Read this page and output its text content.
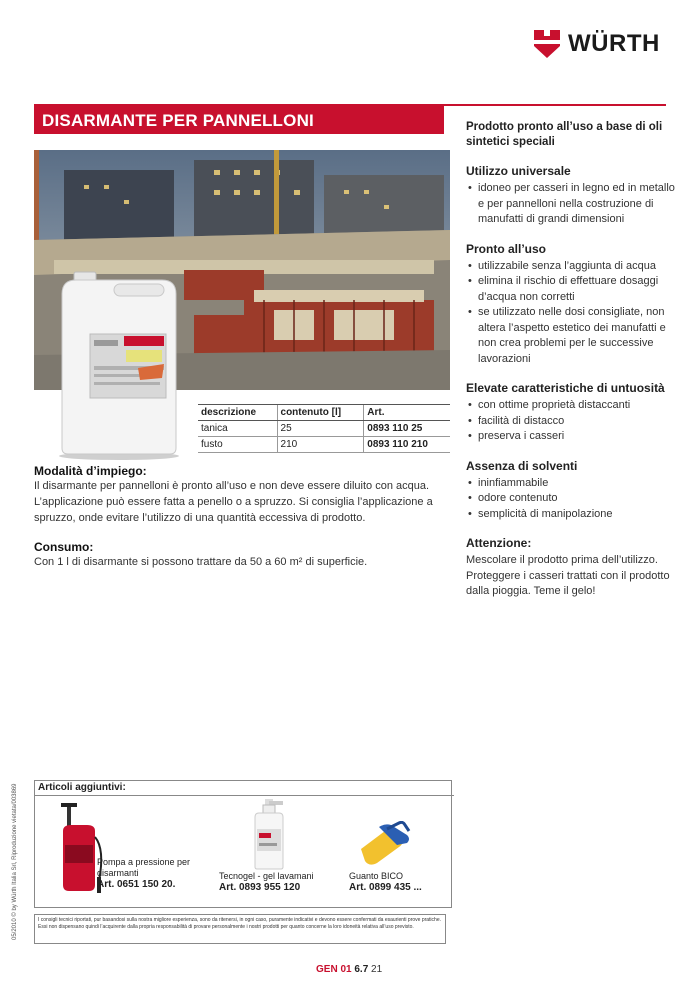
WÜRTH
DISARMANTE PER PANNELLONI
descrizione	contenuto [l]	Art.
tanica	25	0893 110 25
fusto	210	0893 110 210
Modalità d’impiego:
Il disarmante per pannelloni è pronto all’uso e non deve essere diluito con acqua. L’applicazione può essere fatta a penello o a spruzzo. Si consiglia l’applicazione a spruzzo, onde evitare l’utilizzo di una quantità eccessiva di prodotto.
Consumo:
Con 1 l di disarmante si possono trattare da 50 a 60 m² di superficie.

Prodotto pronto all’uso a base di oli sintetici speciali

Utilizzo universale
• idoneo per casseri in legno ed in metallo e per pannelloni nella costruzione di manufatti di grandi dimensioni
Pronto all’uso
• utilizzabile senza l’aggiunta di acqua
• elimina il rischio di effettuare dosaggi d’acqua non corretti
• se utilizzato nelle dosi consigliate, non altera l’aspetto estetico dei manufatti e non crea problemi per le successive lavorazioni
Elevate caratteristiche di untuosità
• con ottime proprietà distaccanti
• facilità di distacco
• preserva i casseri
Assenza di solventi
• ininfiammabile
• odore contenuto
• semplicità di manipolazione
Attenzione:
Mescolare il prodotto prima dell’utilizzo. Proteggere i casseri trattati con il prodotto dalla pioggia. Teme il gelo!
05/2010 © by Würth Italia Srl, Riproduzione vietata/003869	Articoli aggiuntivi:
Pompa a pressione per disarmanti
Art. 0651 150 20.
Tecnogel - gel lavamani
Art. 0893 955 120
Guanto BICO
Art. 0899 435 ...
I consigli tecnici riportati, pur basandosi sulla nostra migliore esperienza, sono da ritenersi, in ogni caso, puramente indicativi e devono essere confermati da esaurienti prove pratiche. Essi non dispensano quindi l’acquirente dalla propria responsabilità di provare personalmente i nostri prodotti per quanto concerne la loro idoneità relativa all’uso previsto.
GEN 01 6.7 21
